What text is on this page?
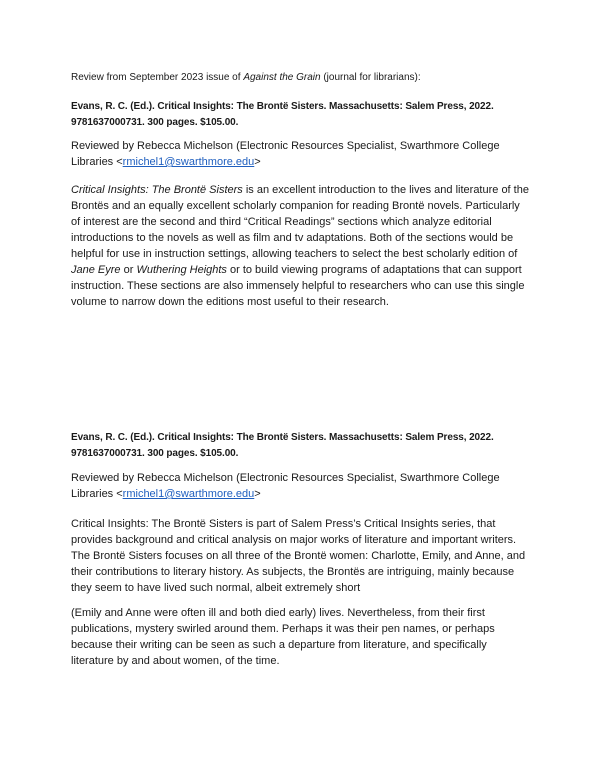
Review from September 2023 issue of Against the Grain (journal for librarians):
Evans, R. C. (Ed.). Critical Insights: The Brontë Sisters. Massachusetts: Salem Press, 2022.
9781637000731. 300 pages. $105.00.
Reviewed by Rebecca Michelson (Electronic Resources Specialist, Swarthmore College Libraries <rmichel1@swarthmore.edu>
Critical Insights: The Brontë Sisters is an excellent introduction to the lives and literature of the Brontës and an equally excellent scholarly companion for reading Brontë novels. Particularly of interest are the second and third “Critical Readings” sections which analyze editorial introductions to the novels as well as film and tv adaptations. Both of the sections would be helpful for use in instruction settings, allowing teachers to select the best scholarly edition of Jane Eyre or Wuthering Heights or to build viewing programs of adaptations that can support instruction. These sections are also immensely helpful to researchers who can use this single volume to narrow down the editions most useful to their research.
Evans, R. C. (Ed.). Critical Insights: The Brontë Sisters. Massachusetts: Salem Press, 2022.
9781637000731. 300 pages. $105.00.
Reviewed by Rebecca Michelson (Electronic Resources Specialist, Swarthmore College Libraries <rmichel1@swarthmore.edu>
Critical Insights: The Brontë Sisters is part of Salem Press’s Critical Insights series, that provides background and critical analysis on major works of literature and important writers. The Brontë Sisters focuses on all three of the Brontë women: Charlotte, Emily, and Anne, and their contributions to literary history. As subjects, the Brontës are intriguing, mainly because they seem to have lived such normal, albeit extremely short
(Emily and Anne were often ill and both died early) lives. Nevertheless, from their first publications, mystery swirled around them. Perhaps it was their pen names, or perhaps because their writing can be seen as such a departure from literature, and specifically literature by and about women, of the time.
